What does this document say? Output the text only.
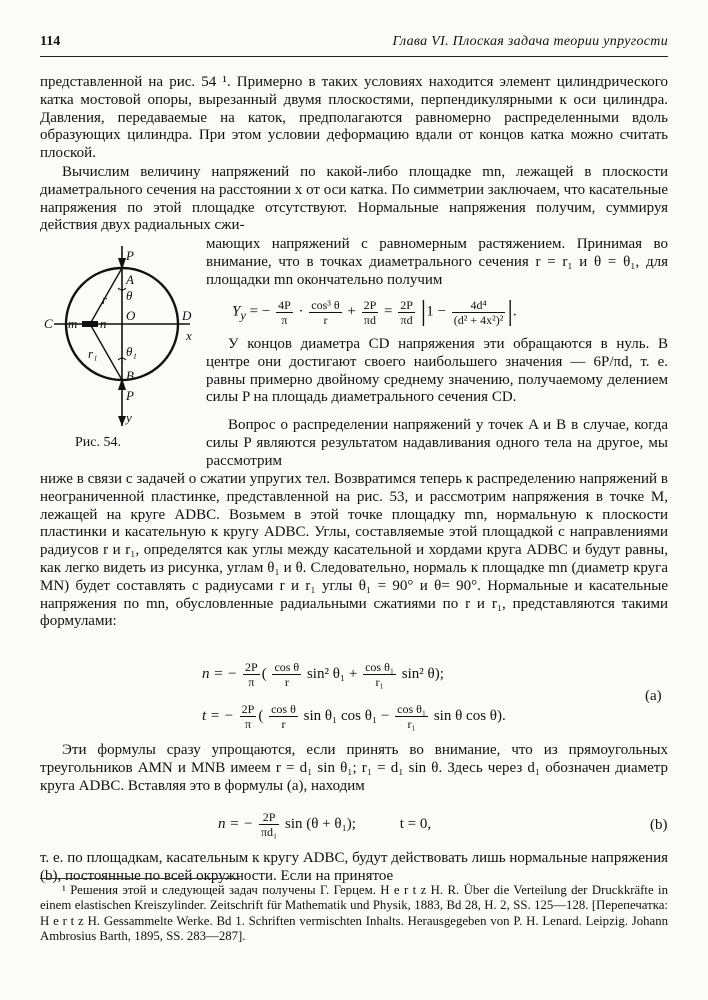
114	Глава VI. Плоская задача теории упругости
представленной на рис. 54 ¹. Примерно в таких условиях находится элемент цилиндрического катка мостовой опоры, вырезанный двумя плоскостями, перпендикулярными к оси цилиндра. Давления, передаваемые на каток, предполагаются равномерно распределенными вдоль образующих цилиндра. При этом условии деформацию вдали от концов катка можно считать плоской.
Вычислим величину напряжений по какой-либо площадке mn, лежащей в плоскости диаметрального сечения на расстоянии x от оси катка. По симметрии заключаем, что касательные напряжения по этой площадке отсутствуют. Нормальные напряжения получим, суммируя действия двух радиальных сжи-
мающих напряжений с равномерным растяжением. Принимая во внимание, что в точках диаметрального сечения r = r₁ и θ = θ₁, для площадки mn окончательно получим
P
A
θ
r
C m n
O	D
x
r₁ θ₁
B
P
y
Рис. 54.
$Y_y$ = − $\frac{4P}{\pi} \cdot \frac{\text{cos³ θ}}{r} + \frac{2P}{\pi d} = \frac{2P}{\pi d} |1 - \frac{\text{4d⁴}}{\text{(d² + 4x²)²}}$ |.
У концов диаметра CD напряжения эти обращаются в нуль. В центре они достигают своего наибольшего значения — 6P/πd, т. е. равны примерно двойному среднему значению, получаемому делением силы P на площадь диаметрального сечения CD.
Вопрос о распределении напряжений у точек A и B в случае, когда силы P являются результатом надавливания одного тела на другое, мы рассмотрим
ниже в связи с задачей о сжатии упругих тел. Возвратимся теперь к распределению напряжений в неограниченной пластинке, представленной на рис. 53, и рассмотрим напряжения в точке M, лежащей на круге ADBC. Возьмем в этой точке площадку mn, нормальную к плоскости пластинки и касательную к кругу ADBC. Углы, составляемые этой площадкой с направлениями радиусов r и r₁, определятся как углы между касательной и хордами круга ADBC и будут равны, как легко видеть из рисунка, углам θ₁ и θ. Следовательно, нормаль к площадке mn (диаметр круга MN) будет составлять с радиусами r и r₁ углы θ₁ = 90° и θ= 90°. Нормальные и касательные напряжения по mn, обусловленные радиальными сжатиями по r и r₁, представляются такими формулами:
n = − $\frac{2P}{\pi}$ ( $\frac{\text{cos θ}}{r} \sin^2$ $\theta_1 + \frac{\text{cos θ₁}}{\text{r₁}} \sin^2$ θ);
t = − $\frac{2P}{\pi}$ ( $\frac{\text{cos θ}}{r}$ sin θ₁ $\cos \theta_1 - \frac{\text{cos θ₁}}{\text{r₁}}$ sin θ cos θ).
(a)
Эти формулы сразу упрощаются, если принять во внимание, что из прямоугольных треугольников AMN и MNB имеем r = d₁ sin θ₁; r₁ = d₁ sin θ. Здесь через d₁ обозначен диаметр круга ADBC. Вставляя это в формулы (a), находим
n = − $\frac{2P}{\text{πd₁}}$ sin (θ + θ₁);	t = 0,	(b)
т. е. по площадкам, касательным к кругу ADBC, будут действовать лишь нормальные напряжения (b), постоянные по всей окружности. Если на принятое
¹ Решения этой и следующей задач получены Г. Герцем. H e r t z H. R. Über die Verteilung der Druckkräfte in einem elastischen Kreiszylinder. Zeitschrift für Mathematik und Physik, 1883, Bd 28, H. 2, SS. 125—128. [Перепечатка: H e r t z H. Gessammelte Werke. Bd 1. Schriften vermischten Inhalts. Herausgegeben von P. H. Lenard. Leipzig. Johann Ambrosius Barth, 1895, SS. 283—287].
